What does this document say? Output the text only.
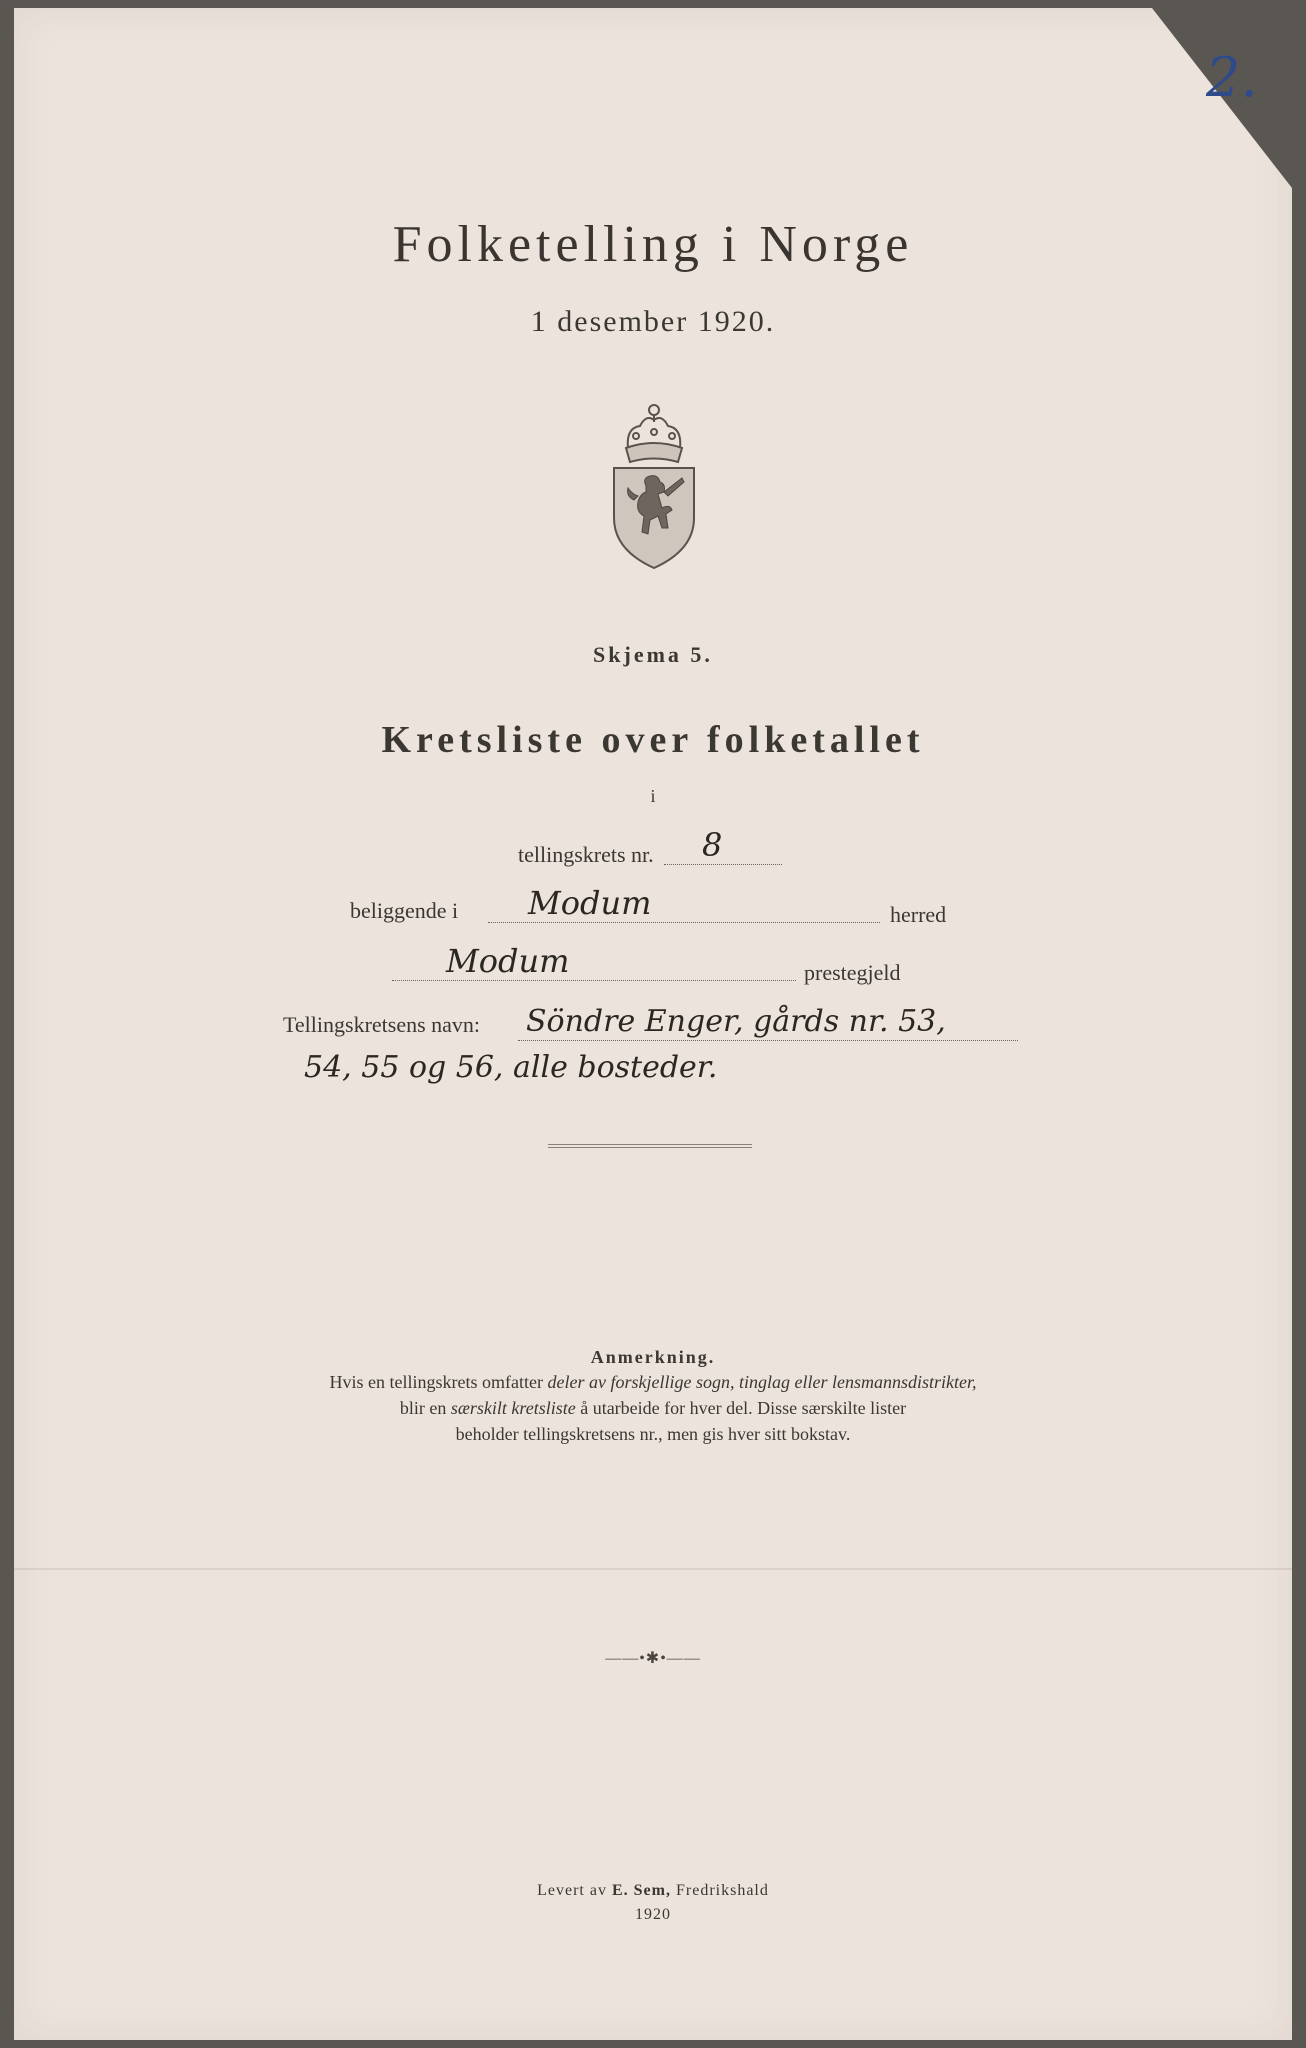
2.
Folketelling i Norge
1 desember 1920.
Skjema 5.
Kretsliste over folketallet
i
tellingskrets nr. 8
beliggende i Modum	herred
Modum	prestegjeld
Tellingskretsens navn: Söndre Enger, gårds nr. 53,
54, 55 og 56, alle bosteder.
Anmerkning.
Hvis en tellingskrets omfatter deler av forskjellige sogn, tinglag eller lensmannsdistrikter,
blir en særskilt kretsliste å utarbeide for hver del. Disse særskilte lister
beholder tellingskretsens nr., men gis hver sitt bokstav.
——•✱•——
Levert av E. Sem, Fredrikshald
1920
